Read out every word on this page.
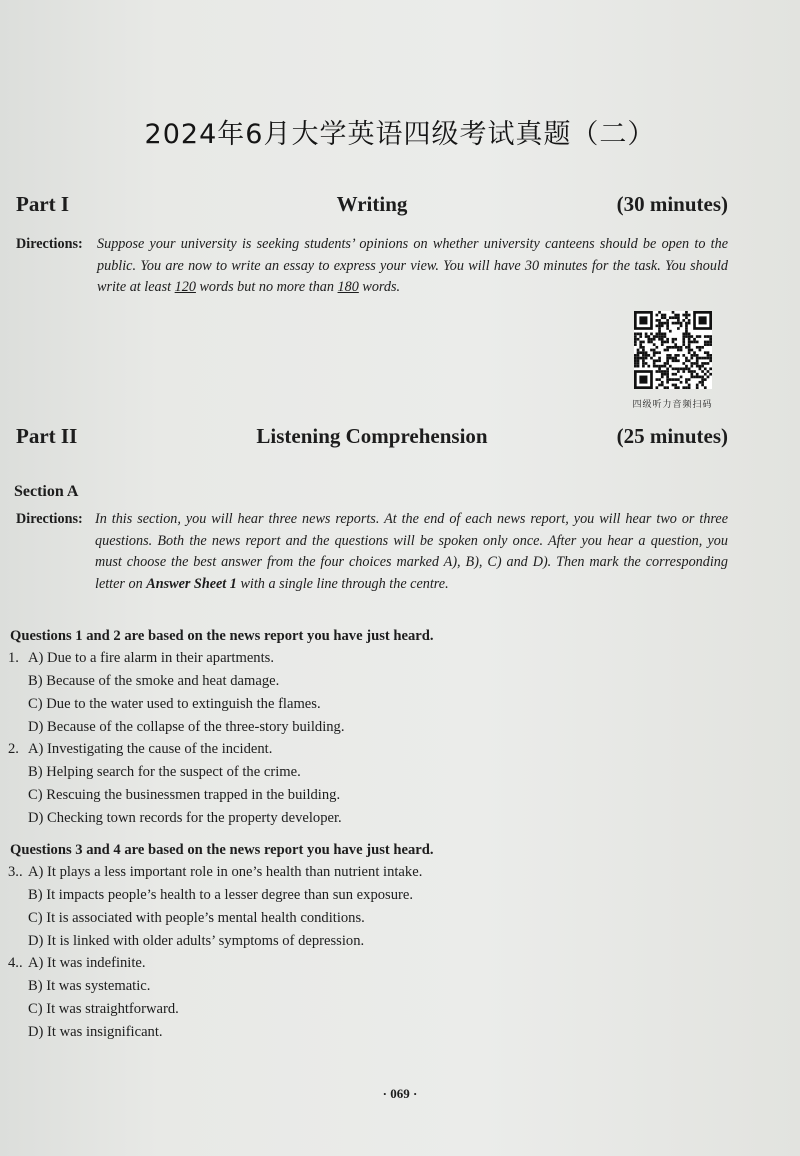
2024年6月大学英语四级考试真题（二）
Part I	Writing	(30 minutes)
Directions: Suppose your university is seeking students’ opinions on whether university canteens should be open to the public. You are now to write an essay to express your view. You will have 30 minutes for the task. You should write at least 120 words but no more than 180 words.
四级听力音频扫码
Part II	Listening Comprehension	(25 minutes)
Section A
Directions: In this section, you will hear three news reports. At the end of each news report, you will hear two or three questions. Both the news report and the questions will be spoken only once. After you hear a question, you must choose the best answer from the four choices marked A), B), C) and D). Then mark the corresponding letter on Answer Sheet 1 with a single line through the centre.
Questions 1 and 2 are based on the news report you have just heard.
1. A) Due to a fire alarm in their apartments.
B) Because of the smoke and heat damage.
C) Due to the water used to extinguish the flames.
D) Because of the collapse of the three-story building.
2. A) Investigating the cause of the incident.
B) Helping search for the suspect of the crime.
C) Rescuing the businessmen trapped in the building.
D) Checking town records for the property developer.
Questions 3 and 4 are based on the news report you have just heard.
3.. A) It plays a less important role in one’s health than nutrient intake.
B) It impacts people’s health to a lesser degree than sun exposure.
C) It is associated with people’s mental health conditions.
D) It is linked with older adults’ symptoms of depression.
4.. A) It was indefinite.
B) It was systematic.
C) It was straightforward.
D) It was insignificant.
· 069 ·
